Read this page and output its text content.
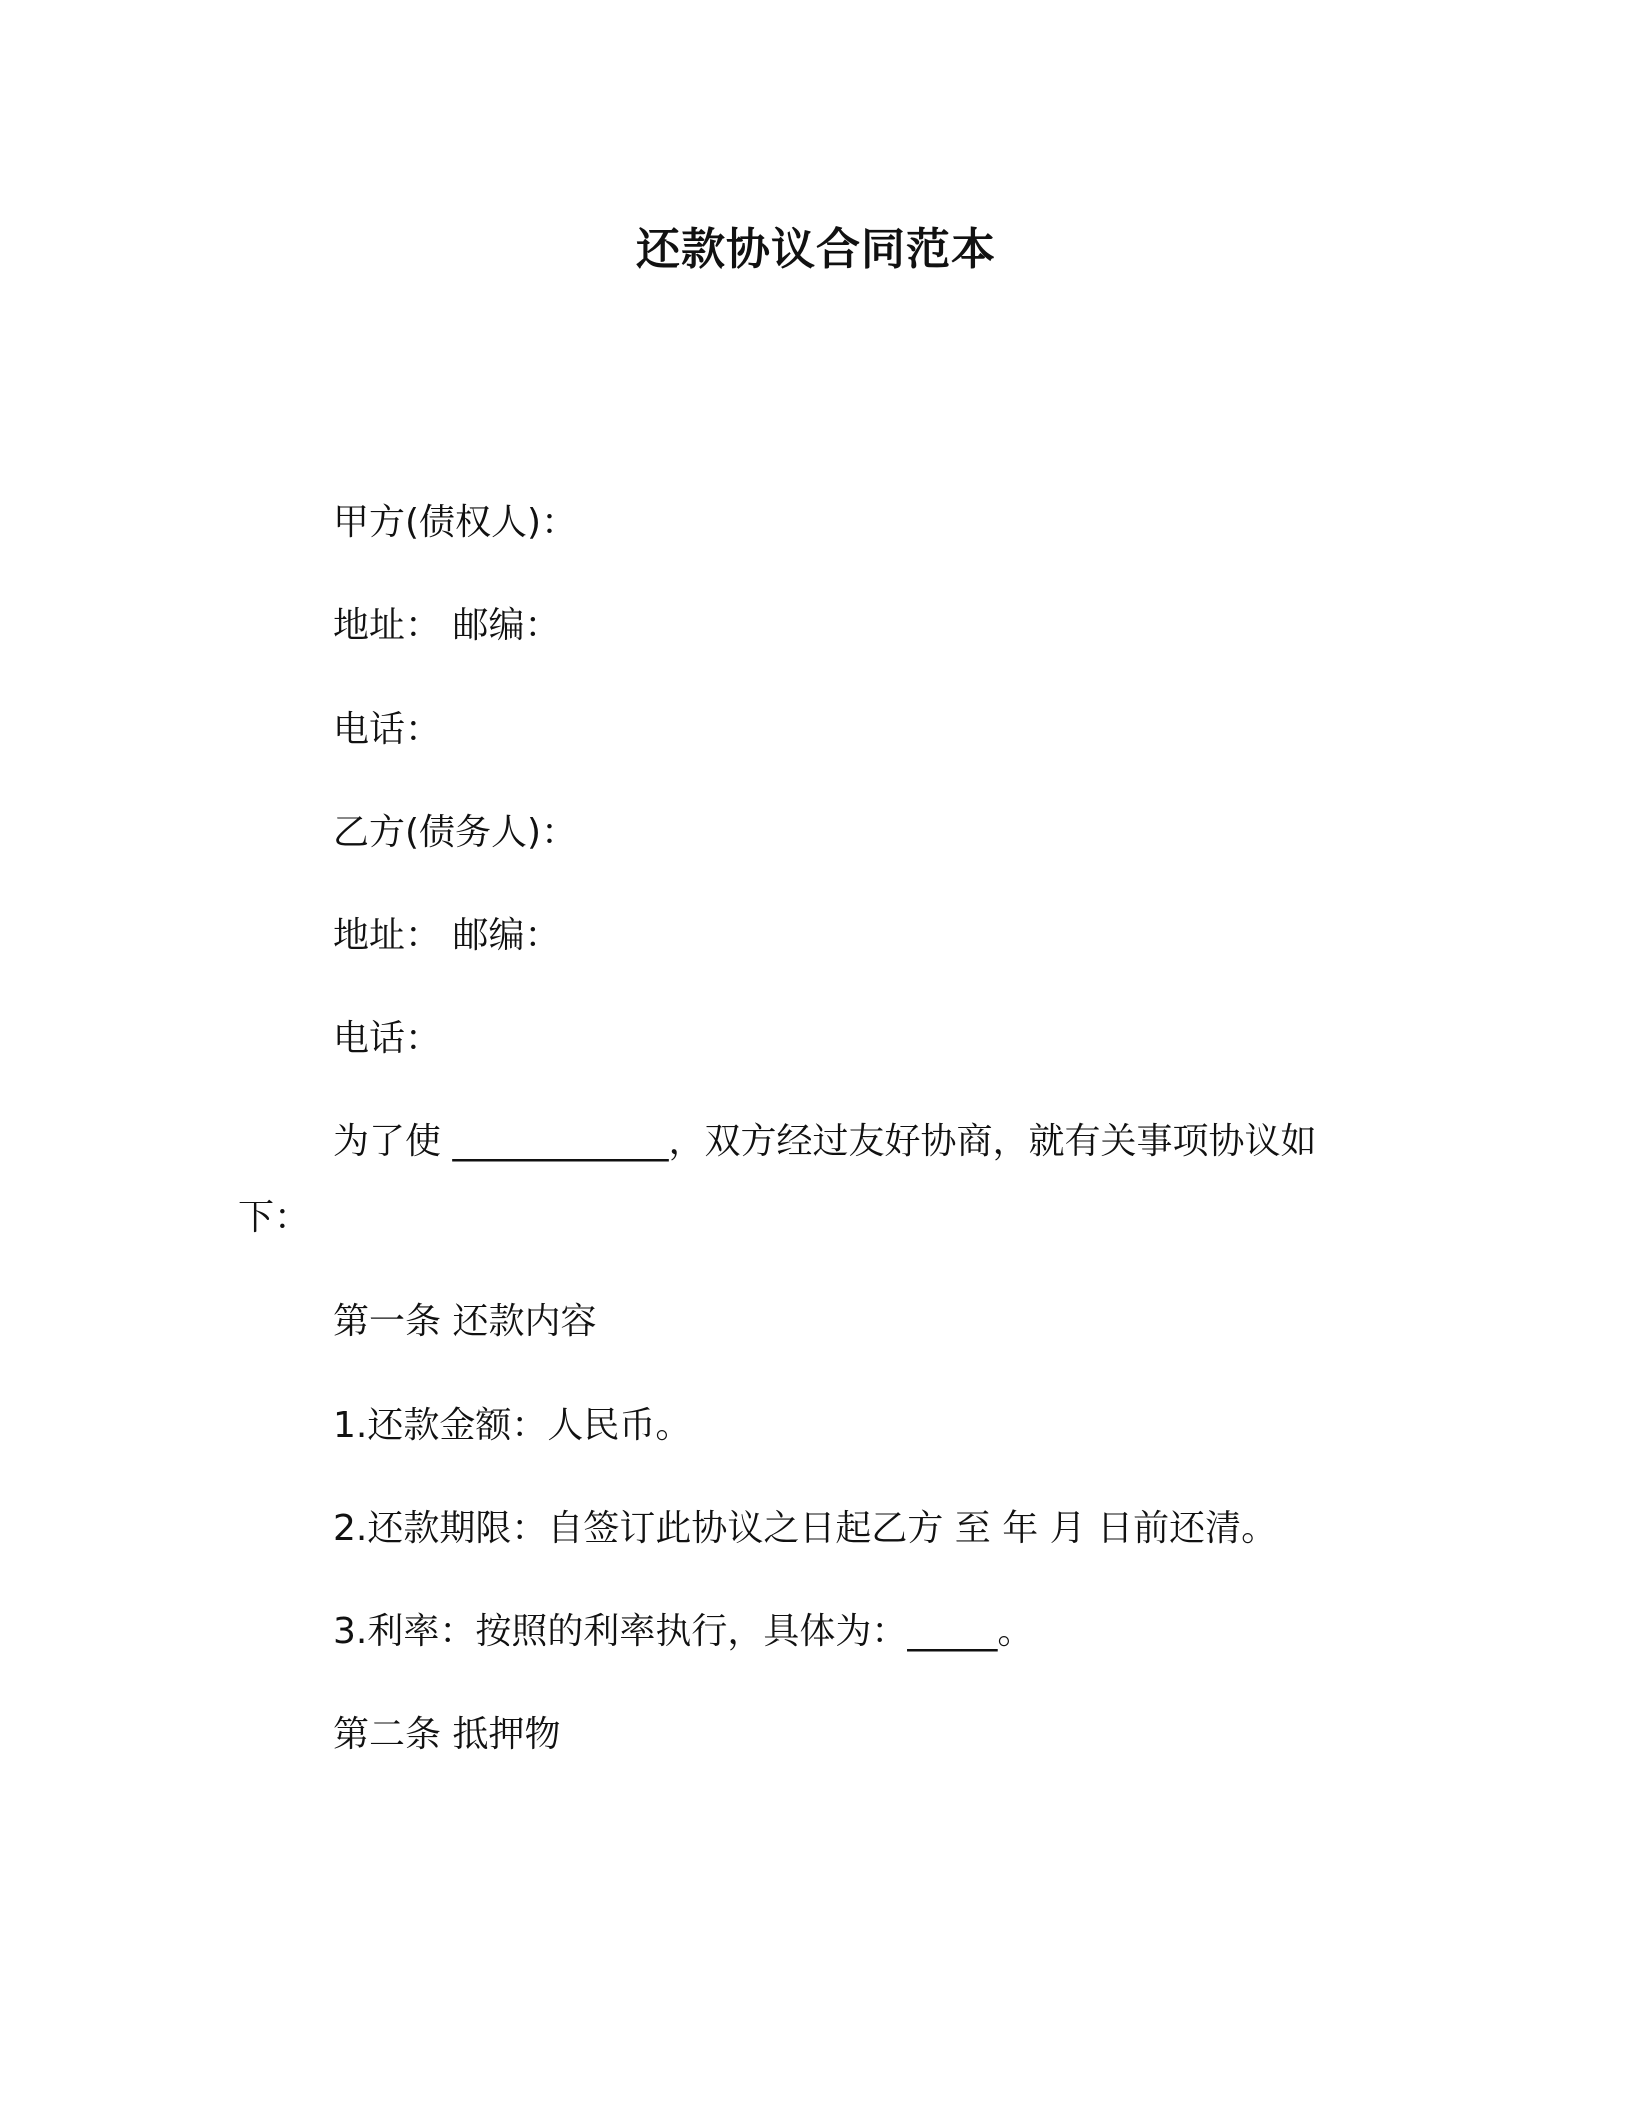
还款协议合同范本
甲方(债权人)：
地址： 邮编：
电话：
乙方(债务人)：
地址： 邮编：
电话：
为了使 ____________，双方经过友好协商，就有关事项协议如
下：
第一条 还款内容
1.还款金额：人民币。
2.还款期限：自签订此协议之日起乙方 至 年 月 日前还清。
3.利率：按照的利率执行，具体为：_____。
第二条 抵押物
